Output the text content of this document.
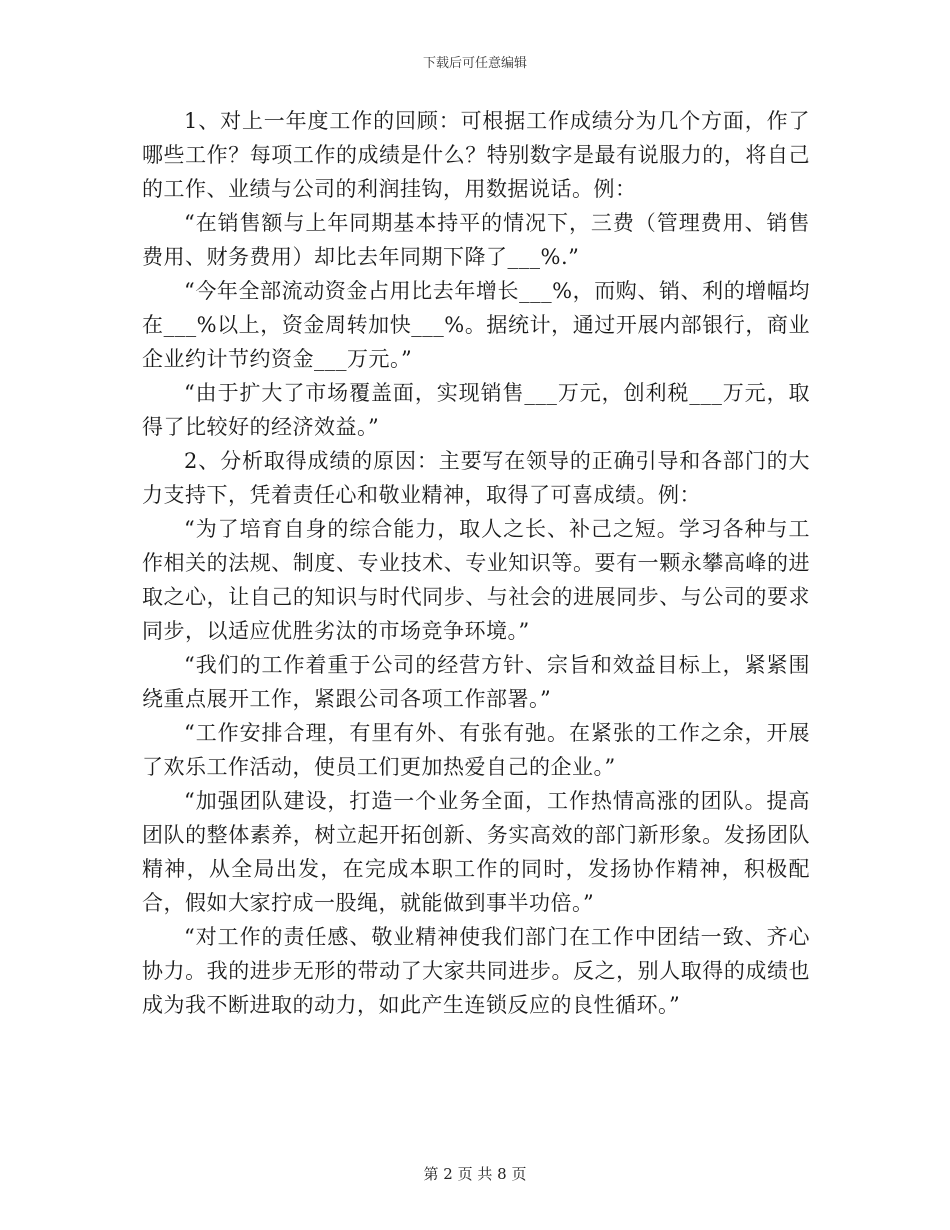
下载后可任意编辑

1、对上一年度工作的回顾：可根据工作成绩分为几个方面，作了哪些工作？每项工作的成绩是什么？特别数字是最有说服力的，将自己的工作、业绩与公司的利润挂钩，用数据说话。例：

“在销售额与上年同期基本持平的情况下，三费（管理费用、销售费用、财务费用）却比去年同期下降了___%.”

“今年全部流动资金占用比去年增长___%，而购、销、利的增幅均在___%以上，资金周转加快___%。据统计，通过开展内部银行，商业企业约计节约资金___万元。”

“由于扩大了市场覆盖面，实现销售___万元，创利税___万元，取得了比较好的经济效益。”

2、分析取得成绩的原因：主要写在领导的正确引导和各部门的大力支持下，凭着责任心和敬业精神，取得了可喜成绩。例：

“为了培育自身的综合能力，取人之长、补己之短。学习各种与工作相关的法规、制度、专业技术、专业知识等。要有一颗永攀高峰的进取之心，让自己的知识与时代同步、与社会的进展同步、与公司的要求同步，以适应优胜劣汰的市场竞争环境。”

“我们的工作着重于公司的经营方针、宗旨和效益目标上，紧紧围绕重点展开工作，紧跟公司各项工作部署。”

“工作安排合理，有里有外、有张有弛。在紧张的工作之余，开展了欢乐工作活动，使员工们更加热爱自己的企业。”

“加强团队建设，打造一个业务全面，工作热情高涨的团队。提高团队的整体素养，树立起开拓创新、务实高效的部门新形象。发扬团队精神，从全局出发，在完成本职工作的同时，发扬协作精神，积极配合，假如大家拧成一股绳，就能做到事半功倍。”

“对工作的责任感、敬业精神使我们部门在工作中团结一致、齐心协力。我的进步无形的带动了大家共同进步。反之，别人取得的成绩也成为我不断进取的动力，如此产生连锁反应的良性循环。”

第 2 页 共 8 页
